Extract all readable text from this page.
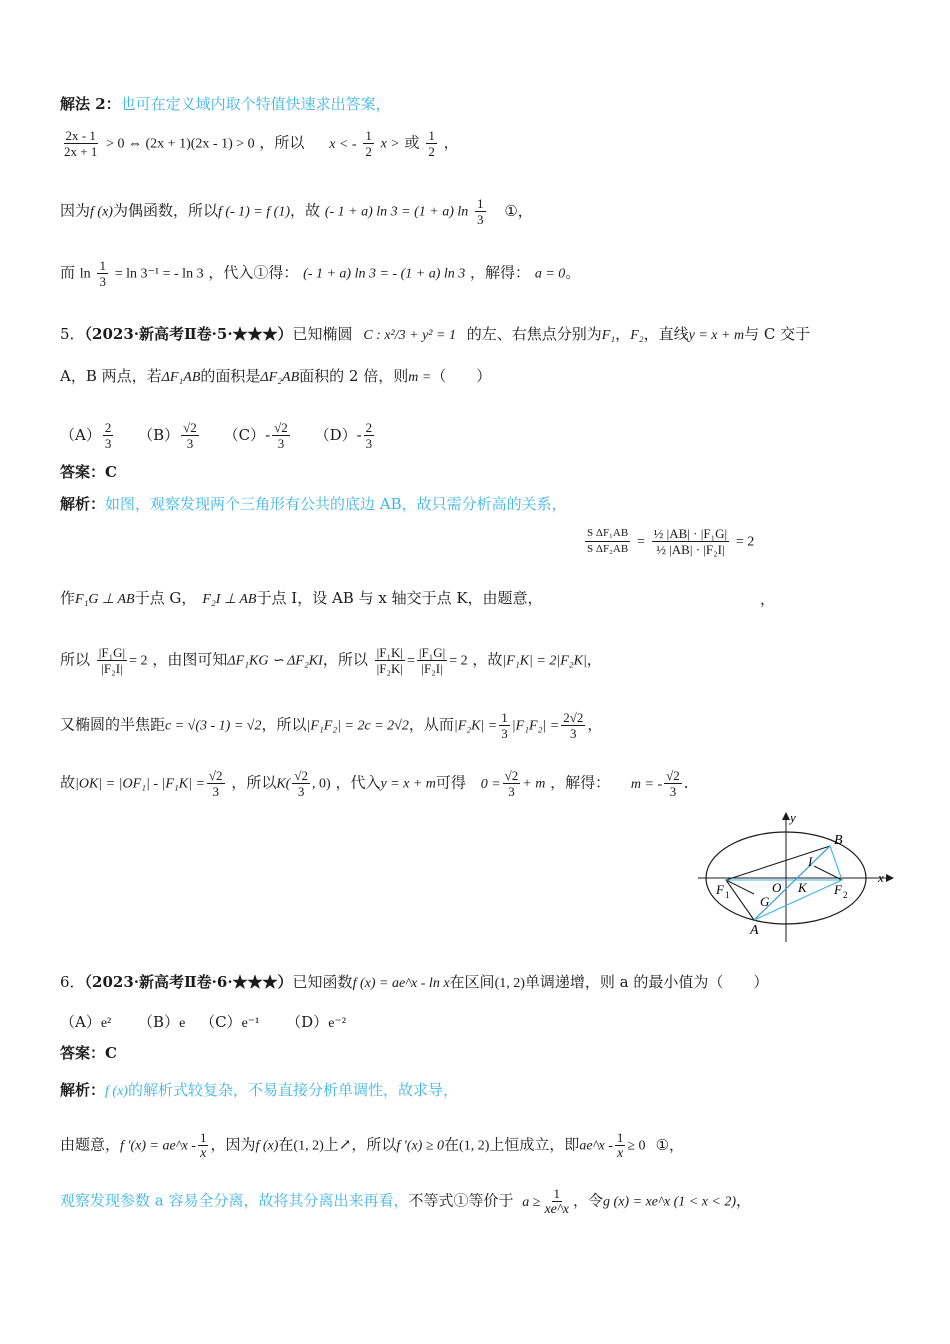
解法 2：也可在定义域内取个特值快速求出答案，
$\frac{2x - 1}{2x + 1} > 0$ ⇔ (2x + 1)(2x - 1) > 0 ，所以 x < - $\frac{1}{2}$ x > 或 $\frac{1}{2}$ ，
因为f (x)为偶函数，所以f (- 1) = f (1)，故 (- 1 + a) ln 3 = (1 + a) $\ln \frac{1}{3}$ ①，
而 $\ln \frac{1}{3} = \ln 3^{-1}$ = - ln 3 ，代入①得： (- 1 + a) ln 3 = - (1 + a) ln 3 ，解得： a = 0。
5．（2023·新高考Ⅱ卷·5·★★★）已知椭圆 C : x²/3 + y² = 1 的左、右焦点分别为F₁，F₂，直线y = x + m与 C 交于
A，B 两点，若ΔF₁AB的面积是ΔF₂AB面积的 2 倍，则m =（　　）
$(A) \frac{2}{3} (B) \frac{√2}{3} (C)- \frac{√2}{3} (D)- \frac{2}{3}$
答案：C
解析：如图，观察发现两个三角形有公共的底边 AB，故只需分析高的关系，
$\frac{\text{S ΔF₁AB}}{\text{S ΔF₂AB}} = \frac{\text{½ |AB| · |F₁G|}}{\text{½ |AB| · |F₂I|}} = 2$
作F₁G ⊥ AB于点 G， F₂I ⊥ AB于点 I，设 AB 与 x 轴交于点 K，由题意，	，
所以 $\frac{\text{|F₁G|}}{\text{|F₂I|}} = 2$ ，由图可知ΔF₁KG ∽ ΔF₂KI，所以 $\frac{\text{|F₁K|}}{\text{|F₂K|}} = \frac{\text{|F₁G|}}{\text{|F₂I|}} = 2$ ，故|F₁K| = 2|F₂K|，
又椭圆的半焦距c = √(3 - 1) = √2，所以|F₁F₂| = 2c = 2√2，从而$|F_2K| = \frac{1}{3} |F_1F_2| = \frac{2√2}{3}$ ，
故$|OK| = |OF_1| - |F_1K| = \frac{√2}{3}$ ，所以$K( \frac{√2}{3}$ , 0) ，代入y = x + m可得 $0 = \frac{√2}{3} + m$ ，解得： m = - $\frac{√2}{3}$ ．
y
x
B
I
F 1	F 2
O K
G
A
6．（2023·新高考Ⅱ卷·6·★★★）已知函数f (x) = ae^x - ln x在区间(1, 2)单调递增，则 a 的最小值为（　　）
（A）e² （B）e （C）e⁻¹ （D）e⁻²
答案：C
解析：f (x)的解析式较复杂，不易直接分析单调性，故求导，
由题意，f ′(x) = ae^x - $\frac{1}{x}$ ，因为f (x)在(1, 2)上↗，所以f ′(x) ≥ 0在(1, 2)上恒成立，即ae^x - $\frac{1}{x} \ge 0$ ①，
观察发现参数 a 容易全分离，故将其分离出来再看，不等式①等价于 $a \ge \frac{1}{xe\^{}x}$ ，令g (x) = xe^x (1 < x < 2)，
